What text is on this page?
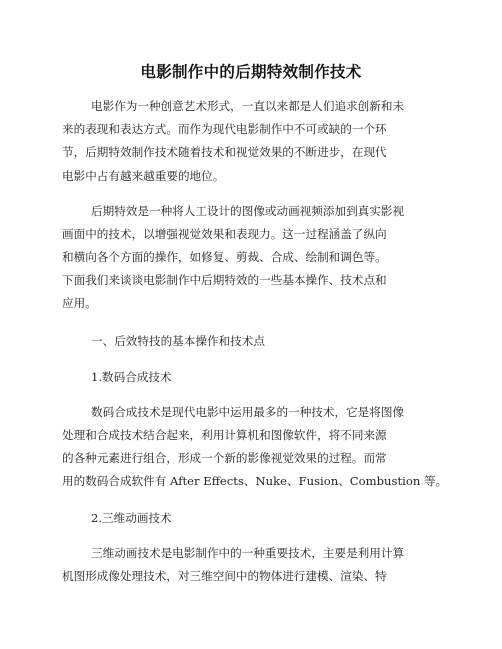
电影制作中的后期特效制作技术
电影作为一种创意艺术形式，一直以来都是人们追求创新和未
来的表现和表达方式。而作为现代电影制作中不可或缺的一个环
节，后期特效制作技术随着技术和视觉效果的不断进步，在现代
电影中占有越来越重要的地位。
后期特效是一种将人工设计的图像或动画视频添加到真实影视
画面中的技术，以增强视觉效果和表现力。这一过程涵盖了纵向
和横向各个方面的操作，如修复、剪裁、合成、绘制和调色等。
下面我们来谈谈电影制作中后期特效的一些基本操作、技术点和
应用。
一、后效特技的基本操作和技术点
1.数码合成技术
数码合成技术是现代电影中运用最多的一种技术，它是将图像
处理和合成技术结合起来，利用计算机和图像软件，将不同来源
的各种元素进行组合，形成一个新的影像视觉效果的过程。而常
用的数码合成软件有 After Effects、Nuke、Fusion、Combustion 等。
2.三维动画技术
三维动画技术是电影制作中的一种重要技术，主要是利用计算
机图形成像处理技术，对三维空间中的物体进行建模、渲染、特
